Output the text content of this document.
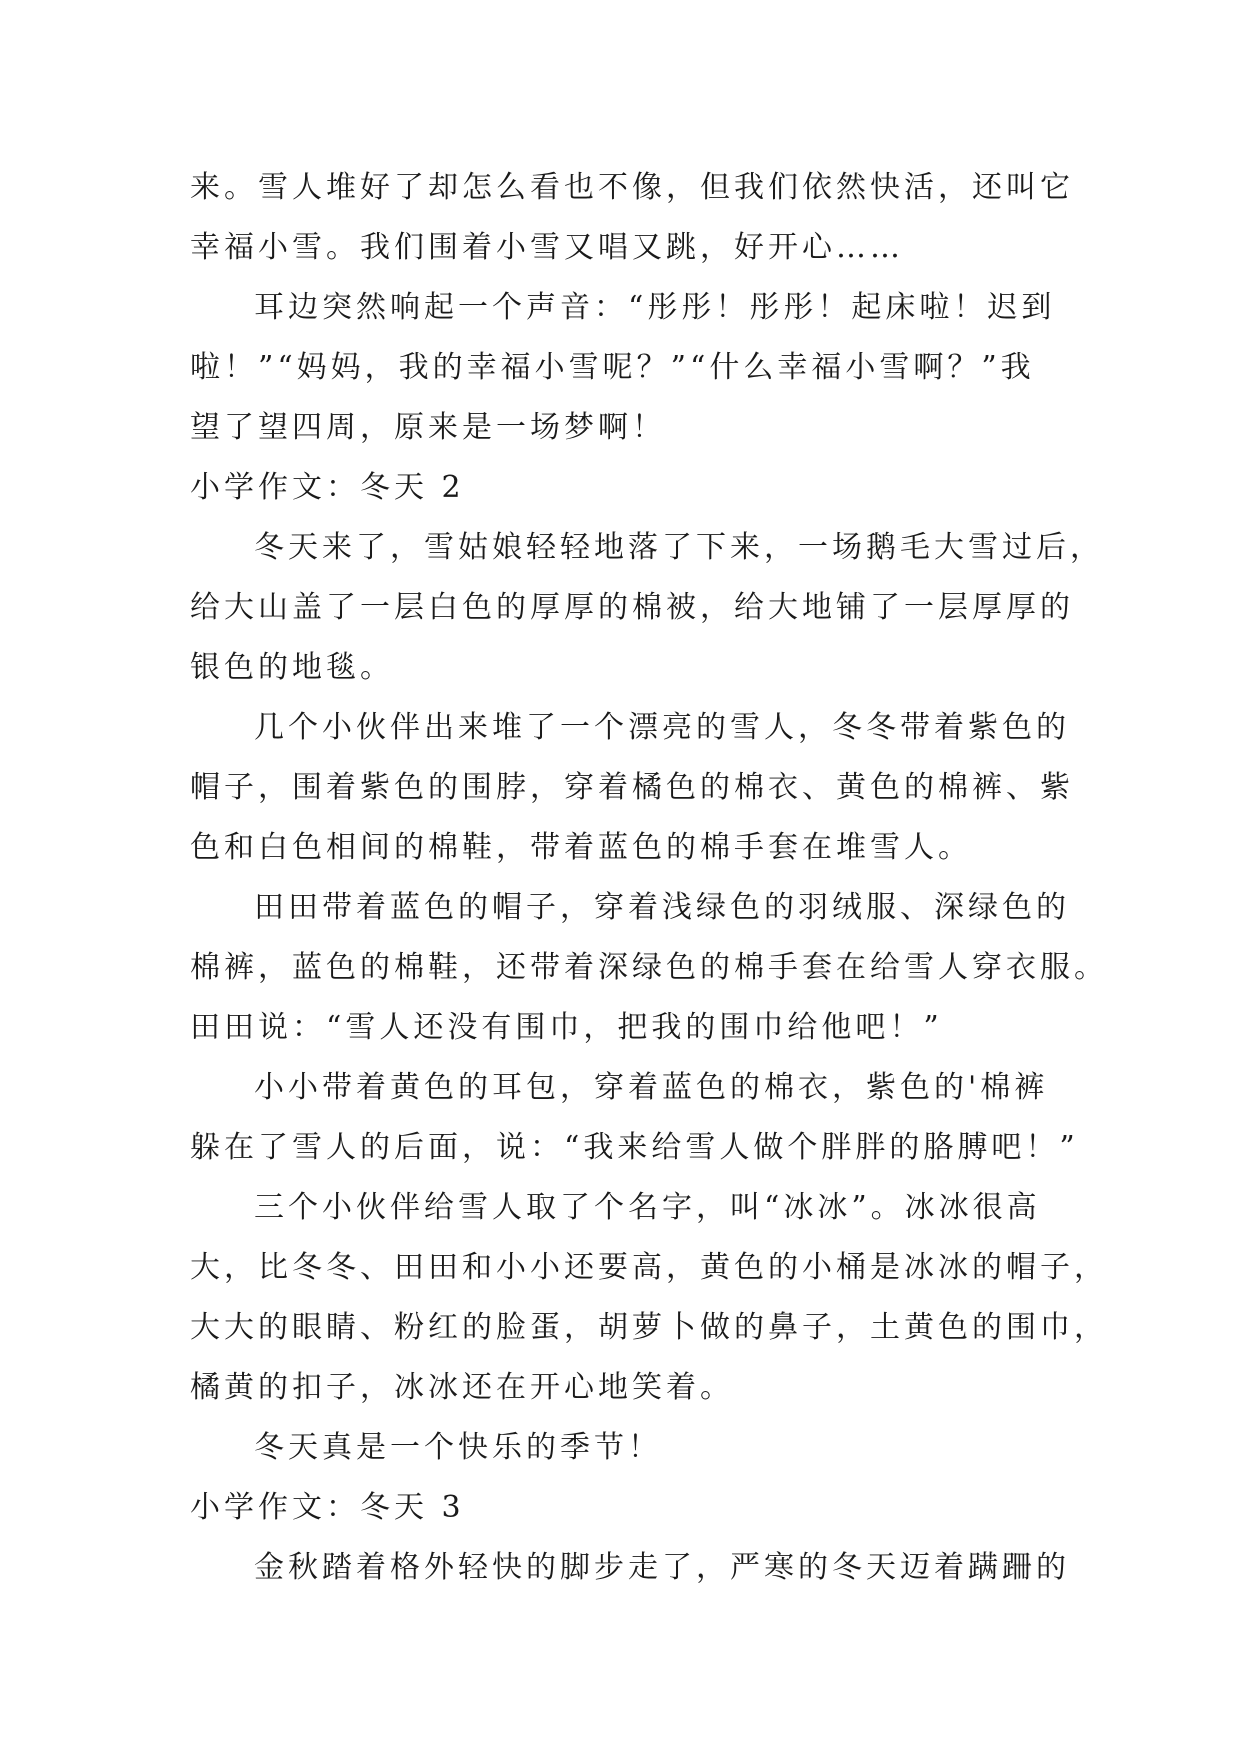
来。雪人堆好了却怎么看也不像，但我们依然快活，还叫它
幸福小雪。我们围着小雪又唱又跳，好开心……
耳边突然响起一个声音：“彤彤！彤彤！起床啦！迟到
啦！”“妈妈，我的幸福小雪呢？”“什么幸福小雪啊？”我
望了望四周，原来是一场梦啊！
小学作文：冬天 2
冬天来了，雪姑娘轻轻地落了下来，一场鹅毛大雪过后，
给大山盖了一层白色的厚厚的棉被，给大地铺了一层厚厚的
银色的地毯。
几个小伙伴出来堆了一个漂亮的雪人，冬冬带着紫色的
帽子，围着紫色的围脖，穿着橘色的棉衣、黄色的棉裤、紫
色和白色相间的棉鞋，带着蓝色的棉手套在堆雪人。
田田带着蓝色的帽子，穿着浅绿色的羽绒服、深绿色的
棉裤，蓝色的棉鞋，还带着深绿色的棉手套在给雪人穿衣服。
田田说：“雪人还没有围巾，把我的围巾给他吧！”
小小带着黄色的耳包，穿着蓝色的棉衣，紫色的'棉裤
躲在了雪人的后面，说：“我来给雪人做个胖胖的胳膊吧！”
三个小伙伴给雪人取了个名字，叫“冰冰”。冰冰很高
大，比冬冬、田田和小小还要高，黄色的小桶是冰冰的帽子，
大大的眼睛、粉红的脸蛋，胡萝卜做的鼻子，土黄色的围巾，
橘黄的扣子，冰冰还在开心地笑着。
冬天真是一个快乐的季节！
小学作文：冬天 3
金秋踏着格外轻快的脚步走了，严寒的冬天迈着蹒跚的
